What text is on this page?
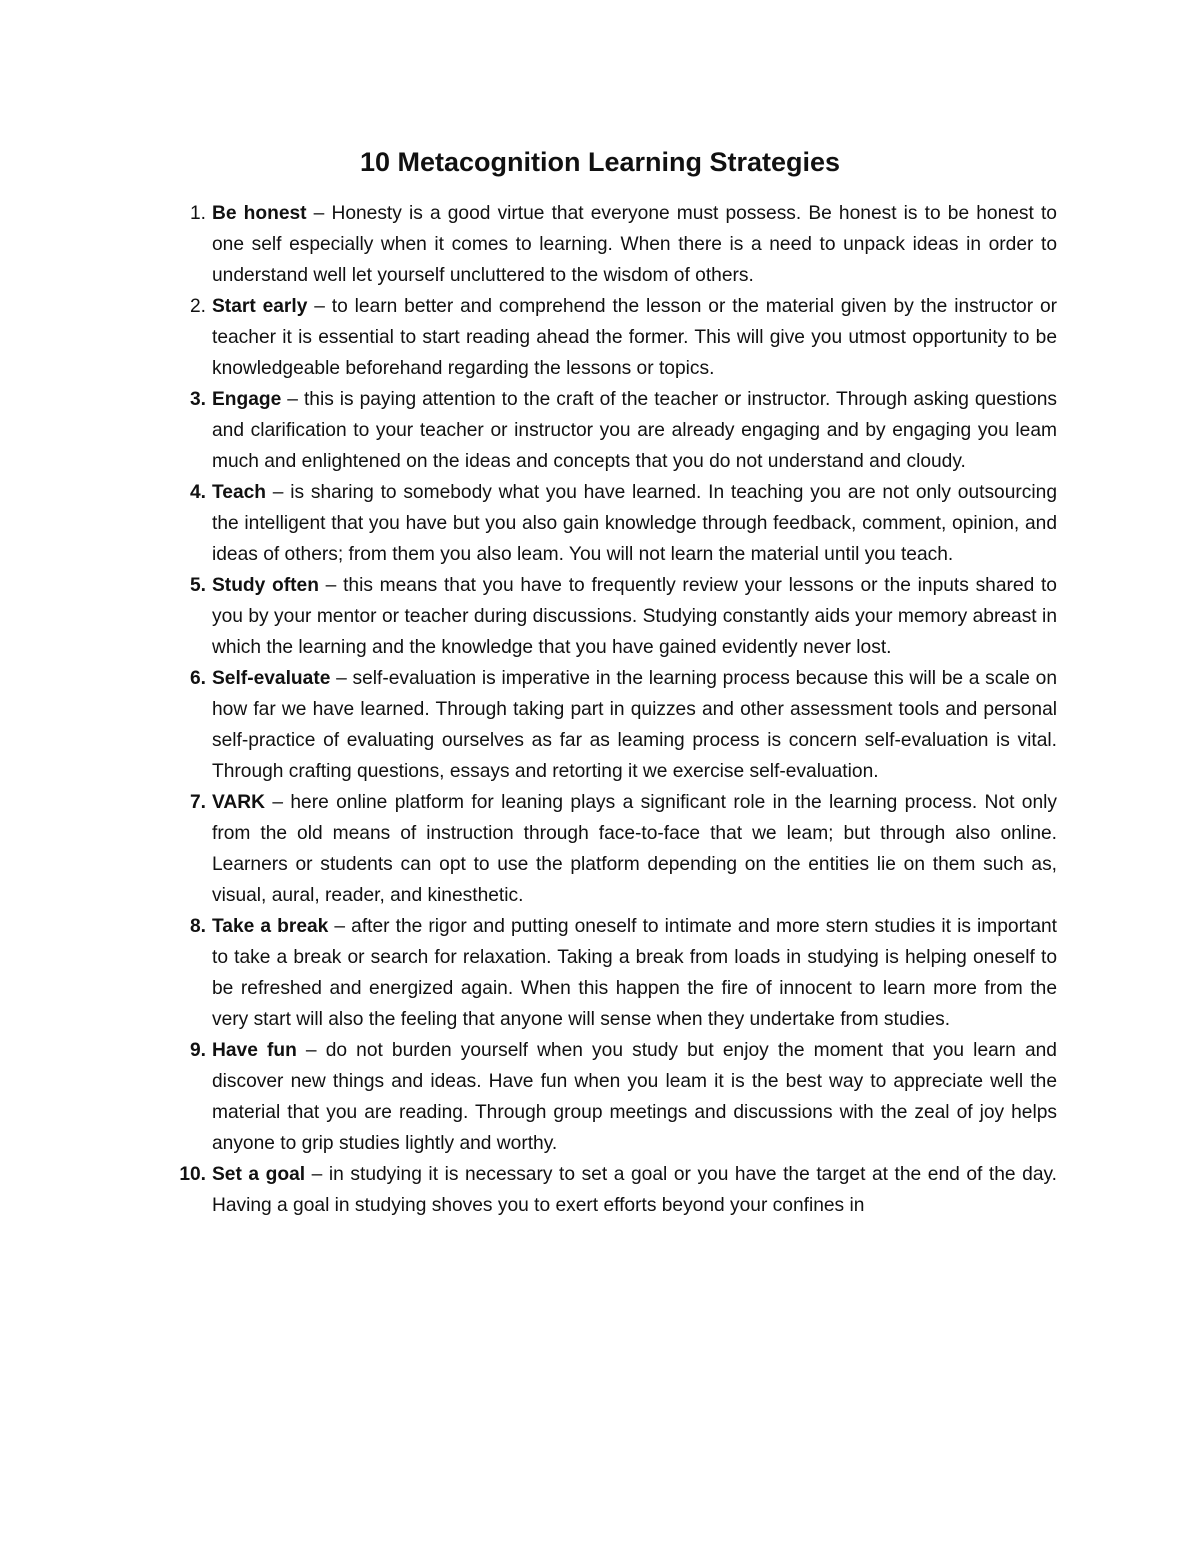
10 Metacognition Learning Strategies
1. Be honest – Honesty is a good virtue that everyone must possess. Be honest is to be honest to one self especially when it comes to learning. When there is a need to unpack ideas in order to understand well let yourself uncluttered to the wisdom of others.
2. Start early – to learn better and comprehend the lesson or the material given by the instructor or teacher it is essential to start reading ahead the former. This will give you utmost opportunity to be knowledgeable beforehand regarding the lessons or topics.
3. Engage – this is paying attention to the craft of the teacher or instructor. Through asking questions and clarification to your teacher or instructor you are already engaging and by engaging you leam much and enlightened on the ideas and concepts that you do not understand and cloudy.
4. Teach – is sharing to somebody what you have learned. In teaching you are not only outsourcing the intelligent that you have but you also gain knowledge through feedback, comment, opinion, and ideas of others; from them you also leam. You will not learn the material until you teach.
5. Study often – this means that you have to frequently review your lessons or the inputs shared to you by your mentor or teacher during discussions. Studying constantly aids your memory abreast in which the learning and the knowledge that you have gained evidently never lost.
6. Self-evaluate – self-evaluation is imperative in the learning process because this will be a scale on how far we have learned. Through taking part in quizzes and other assessment tools and personal self-practice of evaluating ourselves as far as leaming process is concern self-evaluation is vital. Through crafting questions, essays and retorting it we exercise self-evaluation.
7. VARK – here online platform for leaning plays a significant role in the learning process. Not only from the old means of instruction through face-to-face that we leam; but through also online. Learners or students can opt to use the platform depending on the entities lie on them such as, visual, aural, reader, and kinesthetic.
8. Take a break – after the rigor and putting oneself to intimate and more stern studies it is important to take a break or search for relaxation. Taking a break from loads in studying is helping oneself to be refreshed and energized again. When this happen the fire of innocent to learn more from the very start will also the feeling that anyone will sense when they undertake from studies.
9. Have fun – do not burden yourself when you study but enjoy the moment that you learn and discover new things and ideas. Have fun when you leam it is the best way to appreciate well the material that you are reading. Through group meetings and discussions with the zeal of joy helps anyone to grip studies lightly and worthy.
10. Set a goal – in studying it is necessary to set a goal or you have the target at the end of the day. Having a goal in studying shoves you to exert efforts beyond your confines in
